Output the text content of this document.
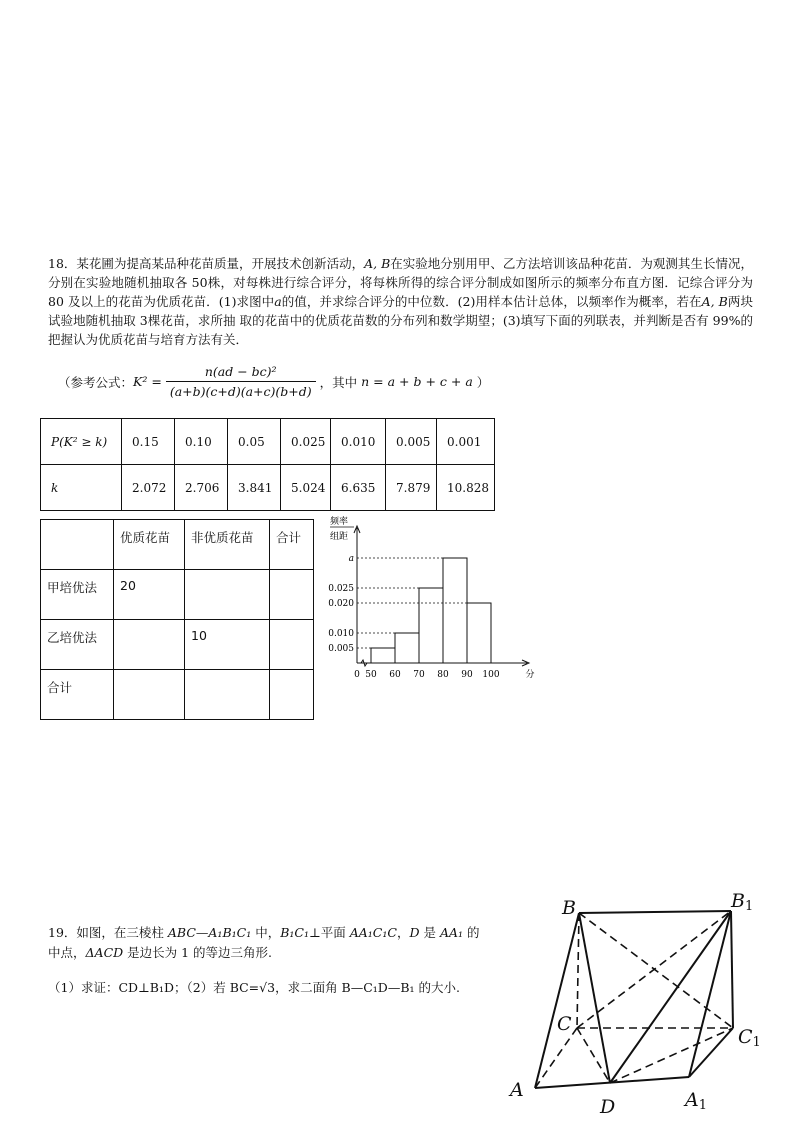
18．某花圃为提高某品种花苗质量，开展技术创新活动，A, B在实验地分别用甲、乙方法培训该品种花苗．为观测其生长情况，分别在实验地随机抽取各 50株，对每株进行综合评分，将每株所得的综合评分制成如图所示的频率分布直方图．记综合评分为 80 及以上的花苗为优质花苗．(1)求图中a的值，并求综合评分的中位数．(2)用样本估计总体，以频率作为概率，若在A, B两块试验地随机抽取 3棵花苗，求所抽 取的花苗中的优质花苗数的分布列和数学期望；(3)填写下面的列联表，并判断是否有 99%的把握认为优质花苗与培育方法有关．
（参考公式： $K^2 = \frac{\text{n(ad − bc)²}}{(a+b)(c+d)(a+c)(b+d)}$ ，其中 n = a + b + c + a ）
P(K² ≥ k)	0.15	0.10	0.05	0.025	0.010	0.005	0.001
k	2.072	2.706	3.841	5.024	6.635	7.879	10.828
	优质花苗	非优质花苗	合计
甲培优法	20		
乙培优法		10	
合计			
频率
组距
0.005
0.010
0.020
0.025
a
0 50 60 70 80 90 100	分
19．如图，在三棱柱 ABC—A₁B₁C₁ 中，B₁C₁⊥平面 AA₁C₁C，D 是 AA₁ 的中点，ΔACD 是边长为 1 的等边三角形.
（1）求证：CD⊥B₁D；（2）若 BC=√3，求二面角 B—C₁D—B₁ 的大小.
B	B1
C
C1
A
D	A1
